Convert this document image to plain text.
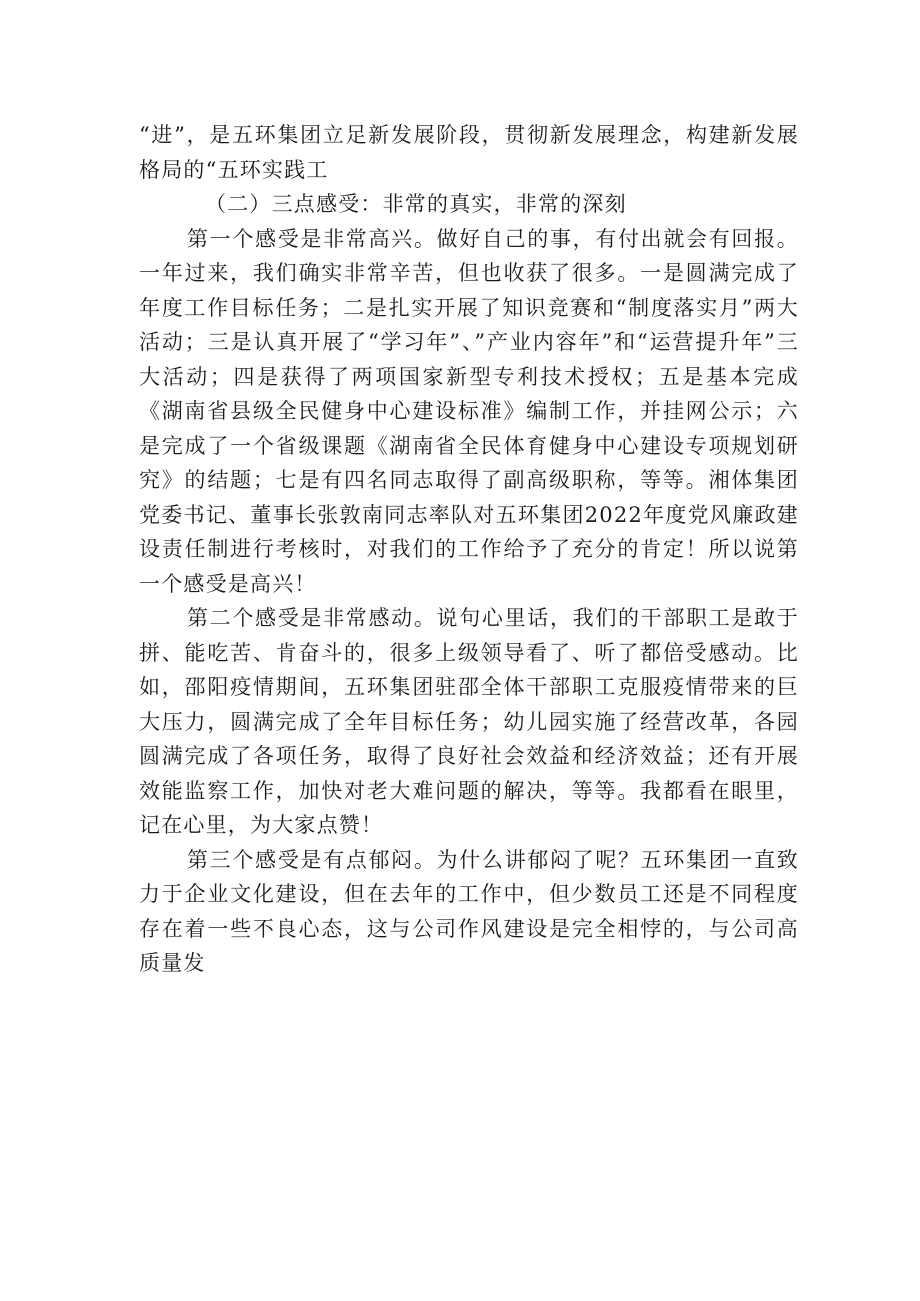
“进”，是五环集团立足新发展阶段，贯彻新发展理念，构建新发展格局的“五环实践工

（二）三点感受：非常的真实，非常的深刻

第一个感受是非常高兴。做好自己的事，有付出就会有回报。一年过来，我们确实非常辛苦，但也收获了很多。一是圆满完成了年度工作目标任务；二是扎实开展了知识竞赛和“制度落实月”两大活动；三是认真开展了“学习年”、”产业内容年”和“运营提升年”三大活动；四是获得了两项国家新型专利技术授权；五是基本完成《湖南省县级全民健身中心建设标准》编制工作，并挂网公示；六是完成了一个省级课题《湖南省全民体育健身中心建设专项规划研究》的结题；七是有四名同志取得了副高级职称，等等。湘体集团党委书记、董事长张敦南同志率队对五环集团2022年度党风廉政建设责任制进行考核时，对我们的工作给予了充分的肯定！所以说第一个感受是高兴！

第二个感受是非常感动。说句心里话，我们的干部职工是敢于拼、能吃苦、肯奋斗的，很多上级领导看了、听了都倍受感动。比如，邵阳疫情期间，五环集团驻邵全体干部职工克服疫情带来的巨大压力，圆满完成了全年目标任务；幼儿园实施了经营改革，各园圆满完成了各项任务，取得了良好社会效益和经济效益；还有开展效能监察工作，加快对老大难问题的解决，等等。我都看在眼里，记在心里，为大家点赞！

第三个感受是有点郁闷。为什么讲郁闷了呢？五环集团一直致力于企业文化建设，但在去年的工作中，但少数员工还是不同程度存在着一些不良心态，这与公司作风建设是完全相悖的，与公司高质量发
